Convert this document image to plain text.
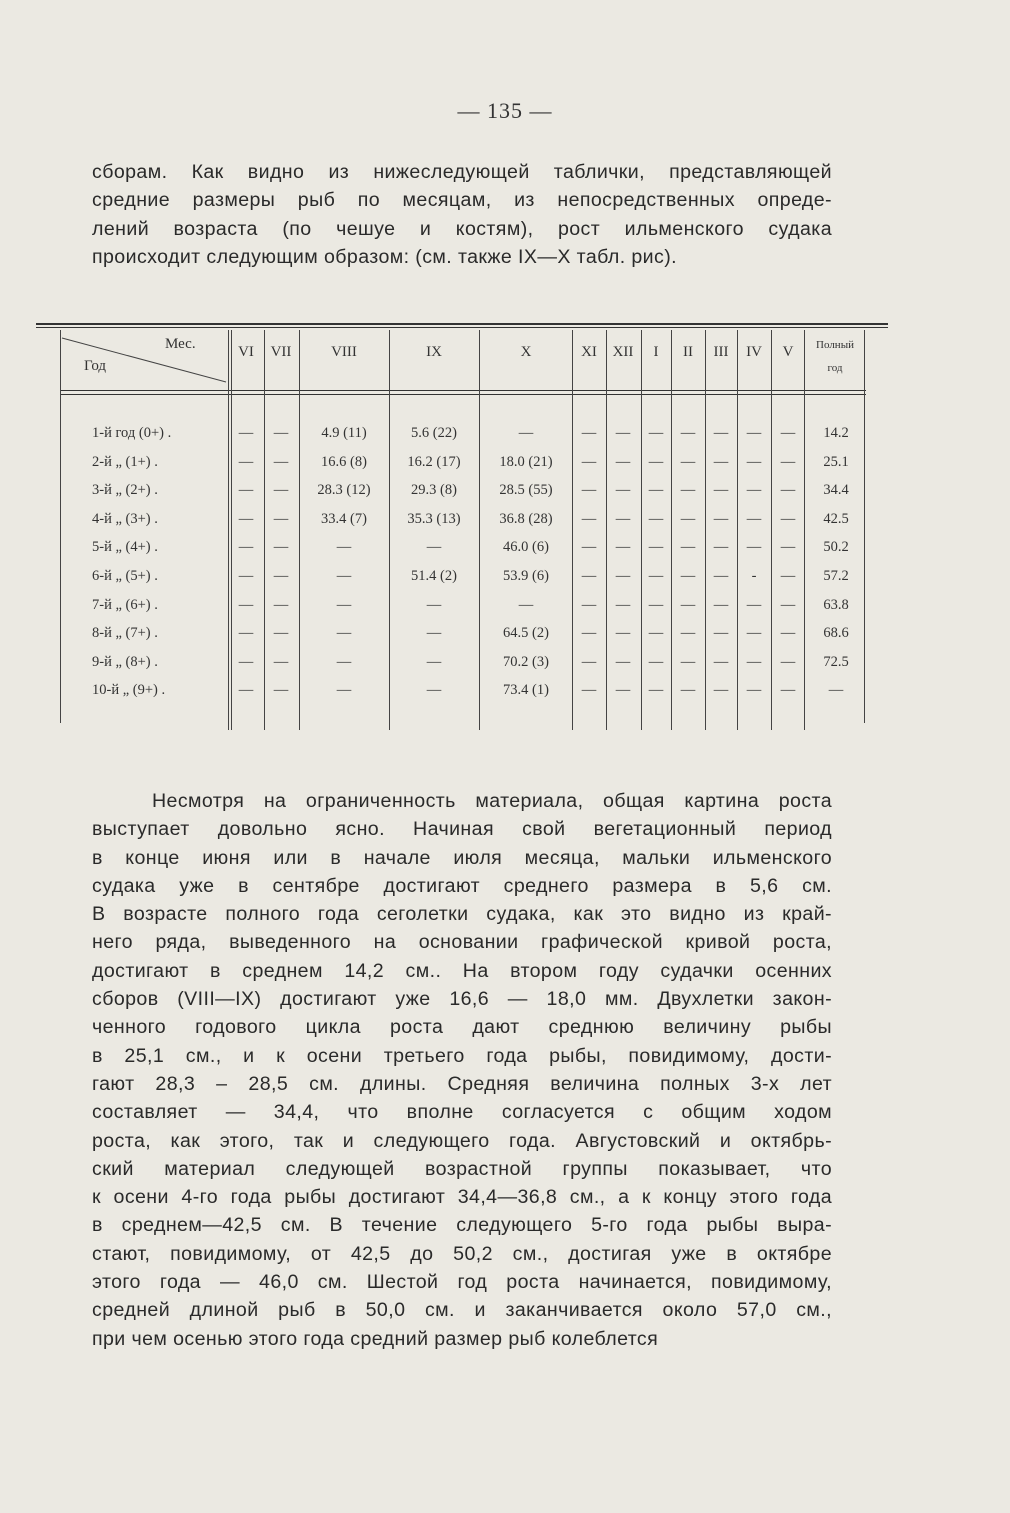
— 135 —
сборам. Как видно из нижеследующей таблички, представляющей
средние размеры рыб по месяцам, из непосредственных опреде-
лений возраста (по чешуе и костям), рост ильменского судака
происходит следующим образом: (см. также IX—X табл. рис).
Мес.
Год
VI	VII	VIII	IX	X	XI	XII	I	II	III	IV	V	Полный
год
1-й год (0+) .	—	—	4.9 (11)	5.6 (22)	—	—	—	—	—	—	—	—	14.2
2-й „ (1+) .	—	—	16.6 (8)	16.2 (17)	18.0 (21)	—	—	—	—	—	—	—	25.1
3-й „ (2+) .	—	—	28.3 (12)	29.3 (8)	28.5 (55)	—	—	—	—	—	—	—	34.4
4-й „ (3+) .	—	—	33.4 (7)	35.3 (13)	36.8 (28)	—	—	—	—	—	—	—	42.5
5-й „ (4+) .	—	—	—	—	46.0 (6)	—	—	—	—	—	—	—	50.2
6-й „ (5+) .	—	—	—	51.4 (2)	53.9 (6)	—	—	—	—	—	-	—	57.2
7-й „ (6+) .	—	—	—	—	—	—	—	—	—	—	—	—	63.8
8-й „ (7+) .	—	—	—	—	64.5 (2)	—	—	—	—	—	—	—	68.6
9-й „ (8+) .	—	—	—	—	70.2 (3)	—	—	—	—	—	—	—	72.5
10-й „ (9+) .	—	—	—	—	73.4 (1)	—	—	—	—	—	—	—	—
Несмотря на ограниченность материала, общая картина роста
выступает довольно ясно. Начиная свой вегетационный период
в конце июня или в начале июля месяца, мальки ильменского
судака уже в сентябре достигают среднего размера в 5,6 см.
В возрасте полного года сеголетки судака, как это видно из край-
него ряда, выведенного на основании графической кривой роста,
достигают в среднем 14,2 см.. На втором году судачки осенних
сборов (VIII—IX) достигают уже 16,6 — 18,0 мм. Двухлетки закон-
ченного годового цикла роста дают среднюю величину рыбы
в 25,1 см., и к осени третьего года рыбы, повидимому, дости-
гают 28,3 – 28,5 см. длины. Средняя величина полных 3-х лет
составляет — 34,4, что вполне согласуется с общим ходом
роста, как этого, так и следующего года. Августовский и октябрь-
ский материал следующей возрастной группы показывает, что
к осени 4-го года рыбы достигают 34,4—36,8 см., а к концу этого года
в среднем—42,5 см. В течение следующего 5-го года рыбы выра-
стают, повидимому, от 42,5 до 50,2 см., достигая уже в октябре
этого года — 46,0 см. Шестой год роста начинается, повидимому,
средней длиной рыб в 50,0 см. и заканчивается около 57,0 см.,
при чем осенью этого года средний размер рыб колеблется
